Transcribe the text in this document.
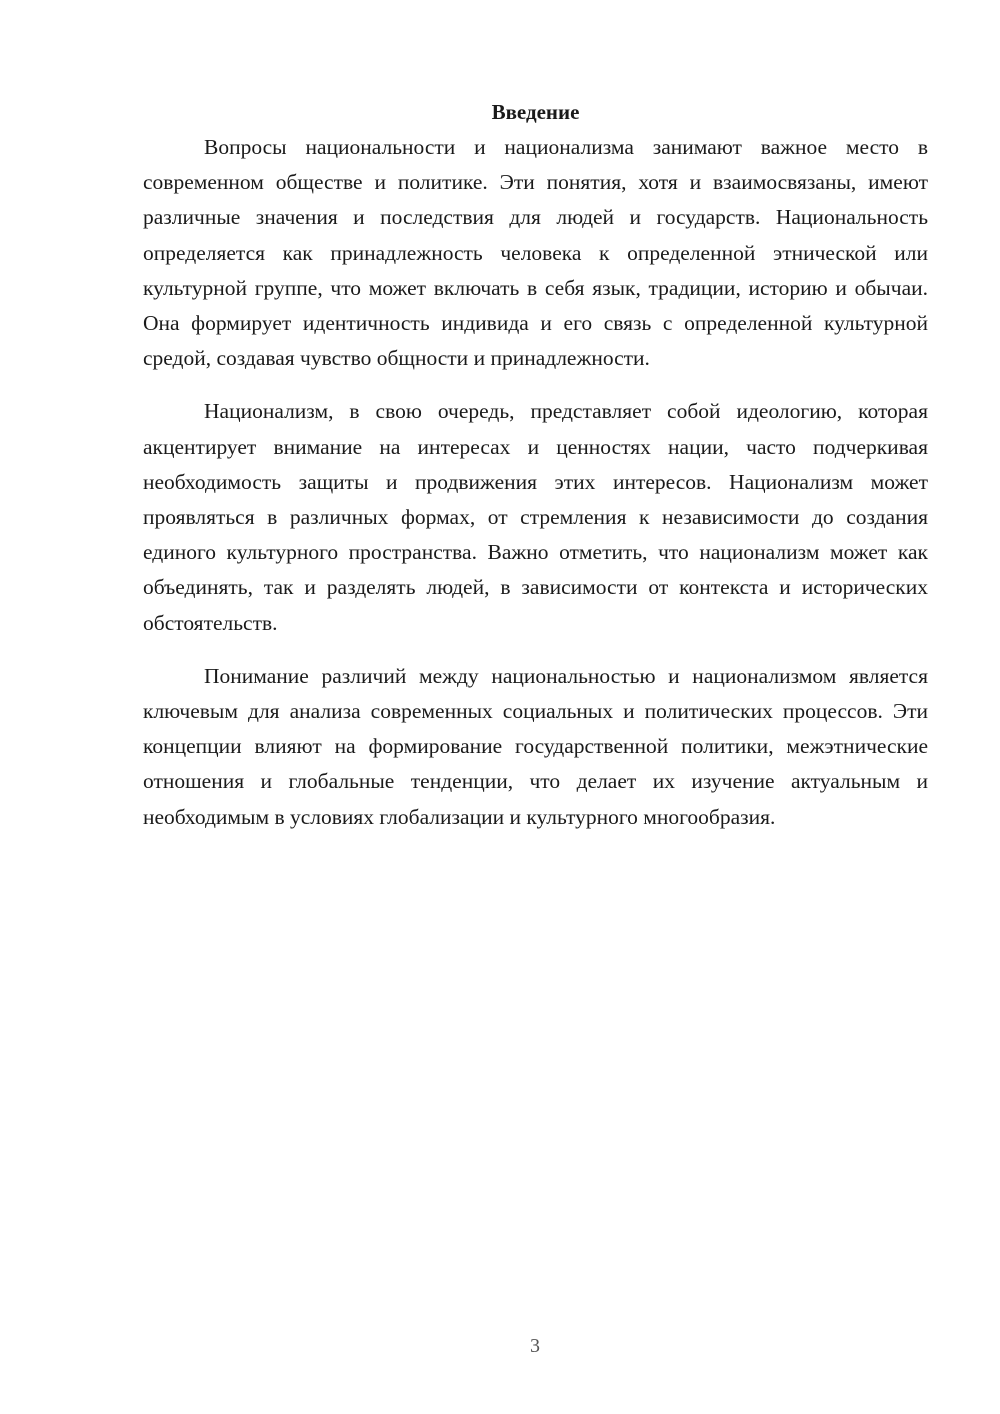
Введение

Вопросы национальности и национализма занимают важное место в современном обществе и политике. Эти понятия, хотя и взаимосвязаны, имеют различные значения и последствия для людей и государств. Национальность определяется как принадлежность человека к определенной этнической или культурной группе, что может включать в себя язык, традиции, историю и обычаи. Она формирует идентичность индивида и его связь с определенной культурной средой, создавая чувство общности и принадлежности.

Национализм, в свою очередь, представляет собой идеологию, которая акцентирует внимание на интересах и ценностях нации, часто подчеркивая необходимость защиты и продвижения этих интересов. Национализм может проявляться в различных формах, от стремления к независимости до создания единого культурного пространства. Важно отметить, что национализм может как объединять, так и разделять людей, в зависимости от контекста и исторических обстоятельств.

Понимание различий между национальностью и национализмом является ключевым для анализа современных социальных и политических процессов. Эти концепции влияют на формирование государственной политики, межэтнические отношения и глобальные тенденции, что делает их изучение актуальным и необходимым в условиях глобализации и культурного многообразия.

3
